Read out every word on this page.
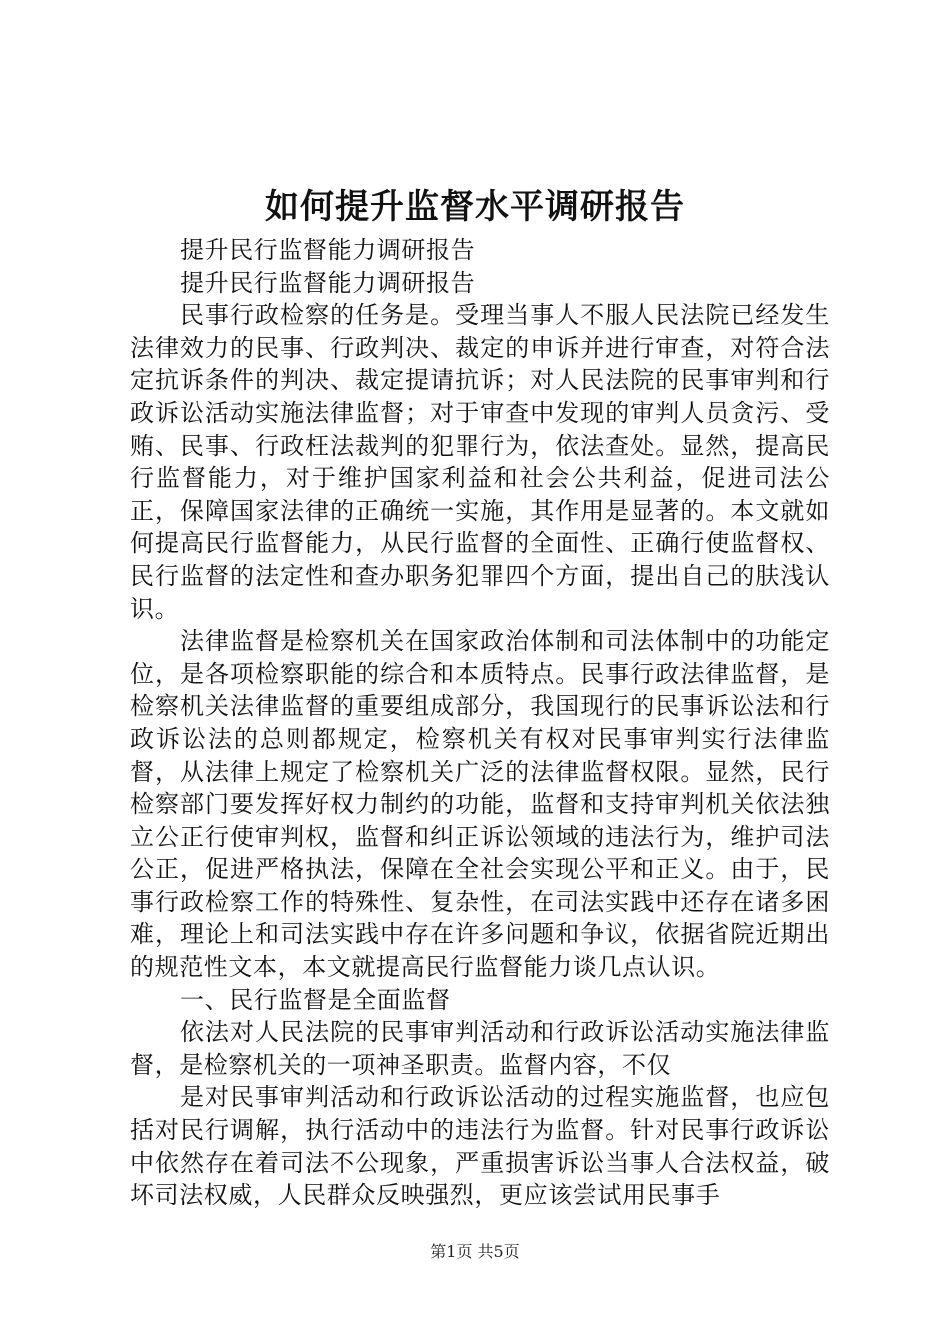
如何提升监督水平调研报告

提升民行监督能力调研报告

提升民行监督能力调研报告

民事行政检察的任务是。受理当事人不服人民法院已经发生法律效力的民事、行政判决、裁定的申诉并进行审查，对符合法定抗诉条件的判决、裁定提请抗诉；对人民法院的民事审判和行政诉讼活动实施法律监督；对于审查中发现的审判人员贪污、受贿、民事、行政枉法裁判的犯罪行为，依法查处。显然，提高民行监督能力，对于维护国家利益和社会公共利益，促进司法公正，保障国家法律的正确统一实施，其作用是显著的。本文就如何提高民行监督能力，从民行监督的全面性、正确行使监督权、民行监督的法定性和查办职务犯罪四个方面，提出自己的肤浅认识。

法律监督是检察机关在国家政治体制和司法体制中的功能定位，是各项检察职能的综合和本质特点。民事行政法律监督，是检察机关法律监督的重要组成部分，我国现行的民事诉讼法和行政诉讼法的总则都规定，检察机关有权对民事审判实行法律监督，从法律上规定了检察机关广泛的法律监督权限。显然，民行检察部门要发挥好权力制约的功能，监督和支持审判机关依法独立公正行使审判权，监督和纠正诉讼领域的违法行为，维护司法公正，促进严格执法，保障在全社会实现公平和正义。由于，民事行政检察工作的特殊性、复杂性，在司法实践中还存在诸多困难，理论上和司法实践中存在许多问题和争议，依据省院近期出的规范性文本，本文就提高民行监督能力谈几点认识。

一、民行监督是全面监督

依法对人民法院的民事审判活动和行政诉讼活动实施法律监督，是检察机关的一项神圣职责。监督内容，不仅

是对民事审判活动和行政诉讼活动的过程实施监督，也应包括对民行调解，执行活动中的违法行为监督。针对民事行政诉讼中依然存在着司法不公现象，严重损害诉讼当事人合法权益，破坏司法权威，人民群众反映强烈，更应该尝试用民事手

第1页 共5页
